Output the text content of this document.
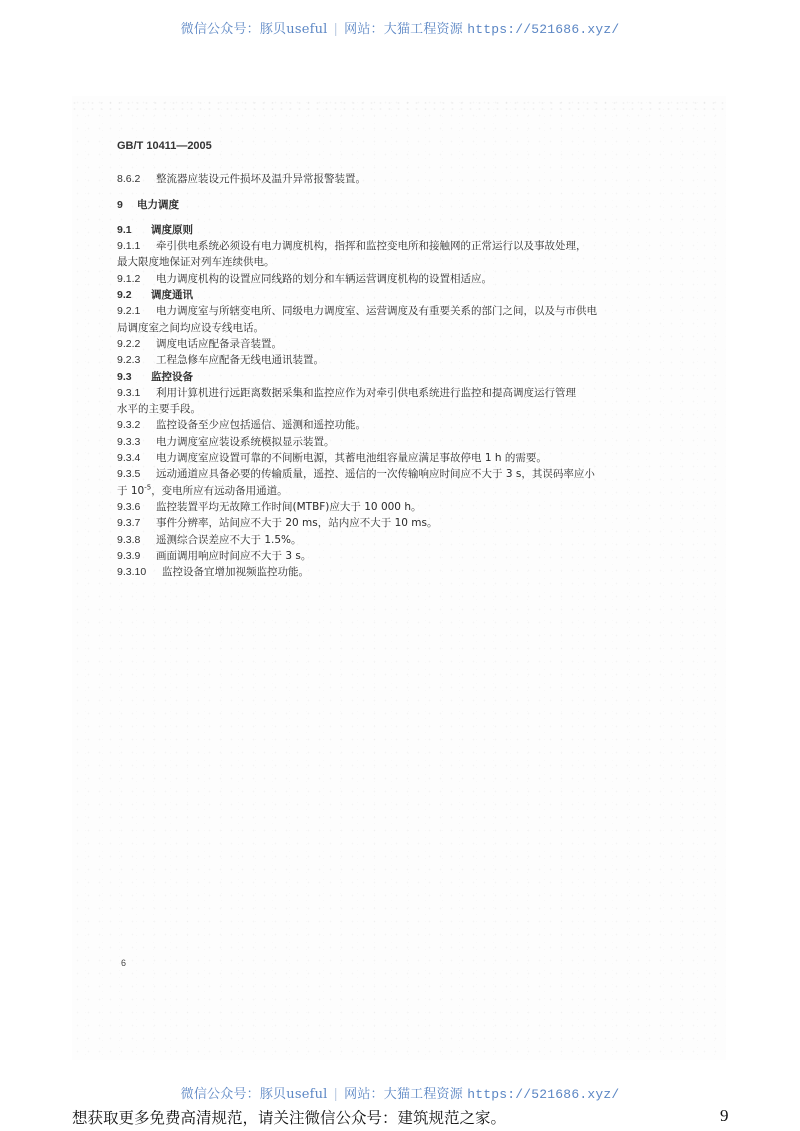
微信公众号：豚贝useful | 网站：大猫工程资源 https://521686.xyz/
GB/T 10411—2005
8.6.2 整流器应装设元件损坏及温升异常报警装置。
9 电力调度
9.1 调度原则
9.1.1 牵引供电系统必须设有电力调度机构，指挥和监控变电所和接触网的正常运行以及事故处理，
最大限度地保证对列车连续供电。
9.1.2 电力调度机构的设置应同线路的划分和车辆运营调度机构的设置相适应。
9.2 调度通讯
9.2.1 电力调度室与所辖变电所、同级电力调度室、运营调度及有重要关系的部门之间，以及与市供电
局调度室之间均应设专线电话。
9.2.2 调度电话应配备录音装置。
9.2.3 工程急修车应配备无线电通讯装置。
9.3 监控设备
9.3.1 利用计算机进行远距离数据采集和监控应作为对牵引供电系统进行监控和提高调度运行管理
水平的主要手段。
9.3.2 监控设备至少应包括遥信、遥测和遥控功能。
9.3.3 电力调度室应装设系统模拟显示装置。
9.3.4 电力调度室应设置可靠的不间断电源，其蓄电池组容量应满足事故停电 1 h 的需要。
9.3.5 远动通道应具备必要的传输质量，遥控、遥信的一次传输响应时间应不大于 3 s，其误码率应小
于 $10^{-5}$，变电所应有远动备用通道。
9.3.6 监控装置平均无故障工作时间(MTBF)应大于 10 000 h。
9.3.7 事件分辨率，站间应不大于 20 ms，站内应不大于 10 ms。
9.3.8 遥测综合误差应不大于 1.5%。
9.3.9 画面调用响应时间应不大于 3 s。
9.3.10 监控设备宜增加视频监控功能。
6
微信公众号：豚贝useful | 网站：大猫工程资源 https://521686.xyz/
想获取更多免费高清规范，请关注微信公众号：建筑规范之家。	9
